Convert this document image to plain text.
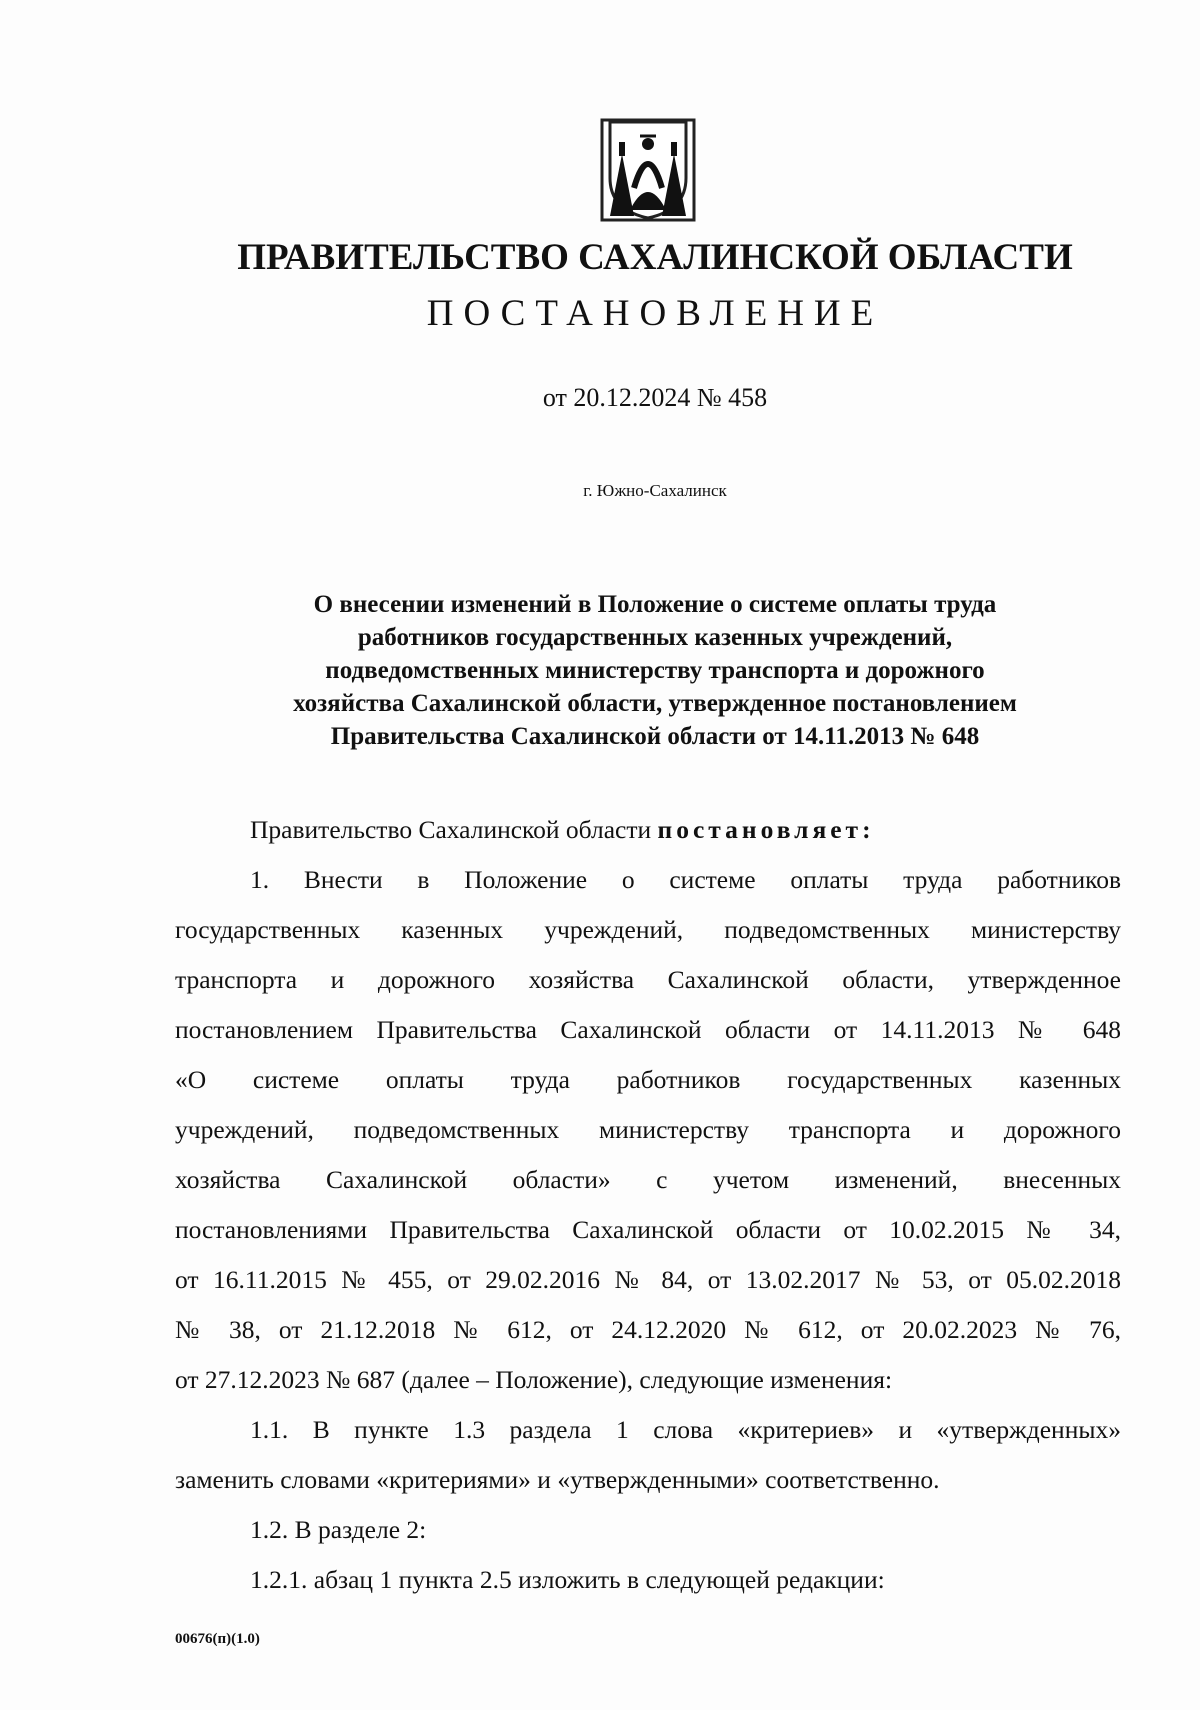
ПРАВИТЕЛЬСТВО САХАЛИНСКОЙ ОБЛАСТИ
ПОСТАНОВЛЕНИЕ
от 20.12.2024 № 458
г. Южно-Сахалинск
О внесении изменений в Положение о системе оплаты труда
работников государственных казенных учреждений,
подведомственных министерству транспорта и дорожного
хозяйства Сахалинской области, утвержденное постановлением
Правительства Сахалинской области от 14.11.2013 № 648
Правительство Сахалинской области постановляет:
1. Внести в Положение о системе оплаты труда работников
государственных казенных учреждений, подведомственных министерству
транспорта и дорожного хозяйства Сахалинской области, утвержденное
постановлением Правительства Сахалинской области от 14.11.2013 № 648
«О системе оплаты труда работников государственных казенных
учреждений, подведомственных министерству транспорта и дорожного
хозяйства Сахалинской области» с учетом изменений, внесенных
постановлениями Правительства Сахалинской области от 10.02.2015 № 34,
от 16.11.2015 № 455, от 29.02.2016 № 84, от 13.02.2017 № 53, от 05.02.2018
№ 38, от 21.12.2018 № 612, от 24.12.2020 № 612, от 20.02.2023 № 76,
от 27.12.2023 № 687 (далее – Положение), следующие изменения:
1.1. В пункте 1.3 раздела 1 слова «критериев» и «утвержденных»
заменить словами «критериями» и «утвержденными» соответственно.
1.2. В разделе 2:
1.2.1. абзац 1 пункта 2.5 изложить в следующей редакции:
00676(п)(1.0)
